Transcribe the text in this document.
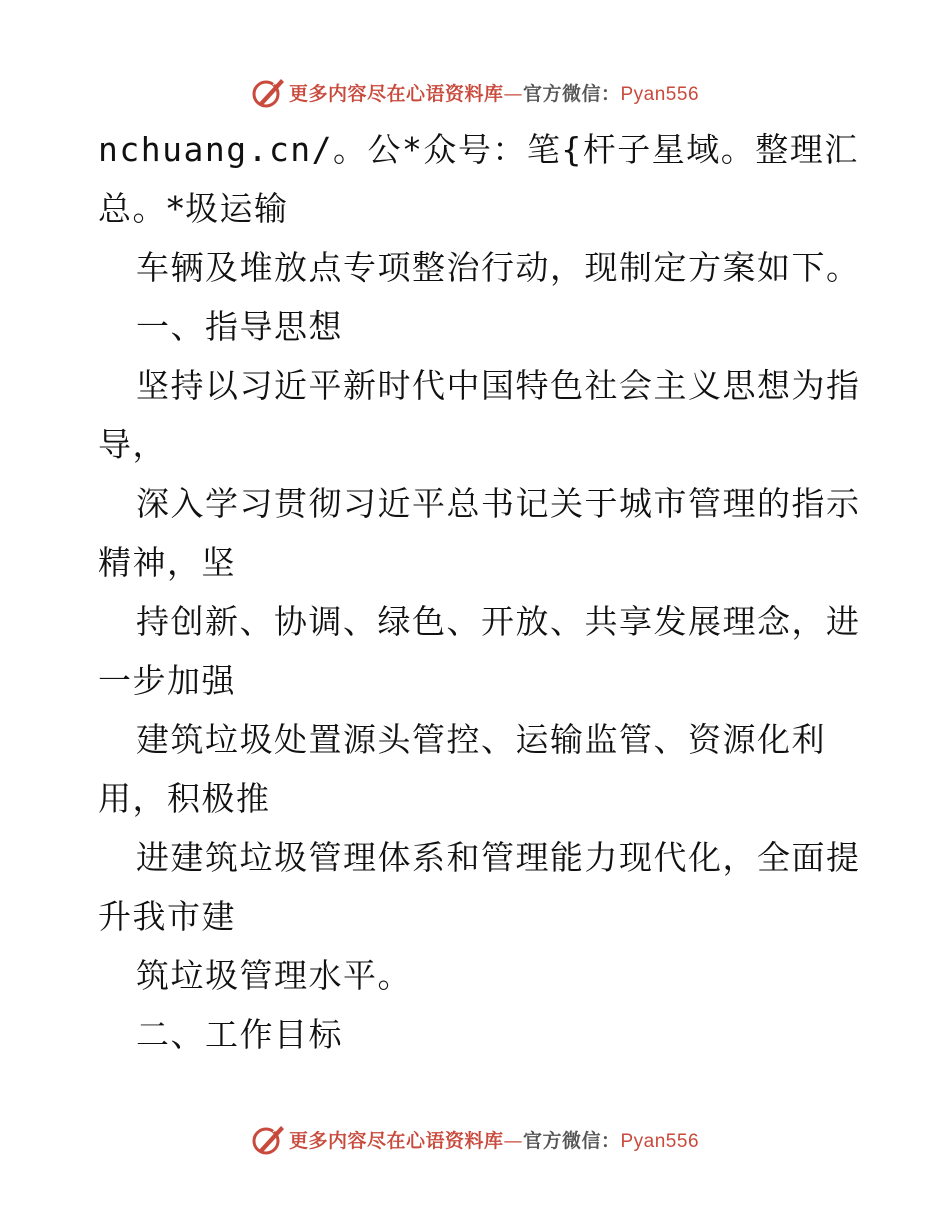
更多内容尽在心语资料库—官方微信：Pyan556
nchuang.cn/。公*众号：笔{杆子星域。整理汇
总。*圾运输
车辆及堆放点专项整治行动，现制定方案如下。
一、指导思想
坚持以习近平新时代中国特色社会主义思想为指
导，
深入学习贯彻习近平总书记关于城市管理的指示
精神，坚
持创新、协调、绿色、开放、共享发展理念，进
一步加强
建筑垃圾处置源头管控、运输监管、资源化利
用，积极推
进建筑垃圾管理体系和管理能力现代化，全面提
升我市建
筑垃圾管理水平。
二、工作目标
更多内容尽在心语资料库—官方微信：Pyan556
